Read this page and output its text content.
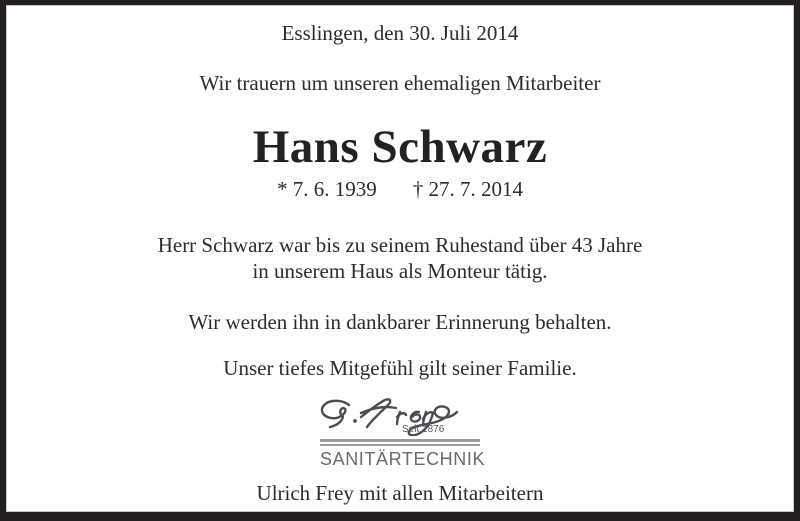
Esslingen, den 30. Juli 2014
Wir trauern um unseren ehemaligen Mitarbeiter
Hans Schwarz
* 7. 6. 1939 † 27. 7. 2014
Herr Schwarz war bis zu seinem Ruhestand über 43 Jahre
in unserem Haus als Monteur tätig.
Wir werden ihn in dankbarer Erinnerung behalten.
Unser tiefes Mitgefühl gilt seiner Familie.
Seit 1876
SANITÄRTECHNIK
Ulrich Frey mit allen Mitarbeitern
